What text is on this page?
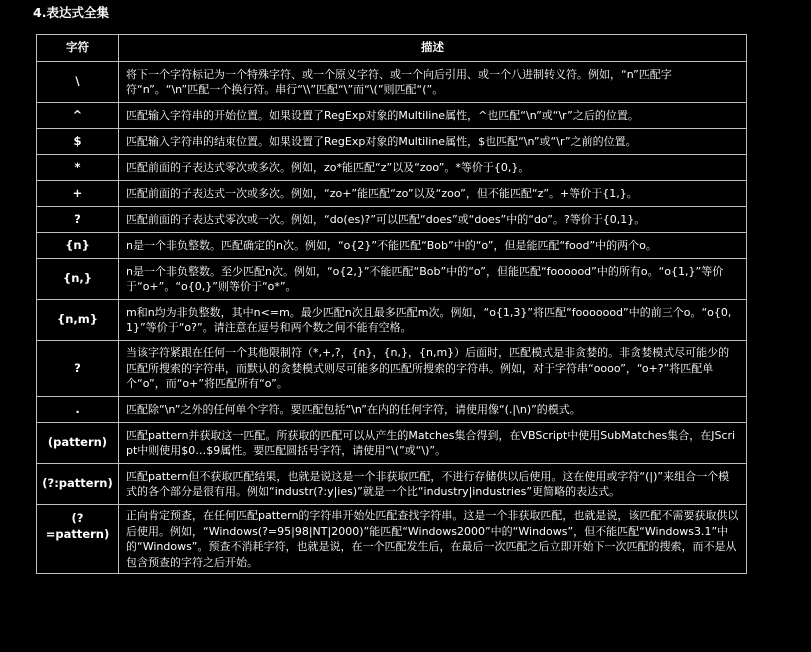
4.表达式全集
字符	描述
\	将下一个字符标记为一个特殊字符、或一个原义字符、或一个向后引用、或一个八进制转义符。例如，“n”匹配字符“n”。“\n”匹配一个换行符。串行“\\”匹配“\”而“\(”则匹配“(”。
^	匹配输入字符串的开始位置。如果设置了RegExp对象的Multiline属性，^也匹配“\n”或“\r”之后的位置。
$	匹配输入字符串的结束位置。如果设置了RegExp对象的Multiline属性，$也匹配“\n”或“\r”之前的位置。
*	匹配前面的子表达式零次或多次。例如，zo*能匹配“z”以及“zoo”。*等价于{0,}。
+	匹配前面的子表达式一次或多次。例如，“zo+”能匹配“zo”以及“zoo”，但不能匹配“z”。+等价于{1,}。
?	匹配前面的子表达式零次或一次。例如，“do(es)?”可以匹配“does”或“does”中的“do”。?等价于{0,1}。
{n}	n是一个非负整数。匹配确定的n次。例如，“o{2}”不能匹配“Bob”中的“o”，但是能匹配“food”中的两个o。
{n,}	n是一个非负整数。至少匹配n次。例如，“o{2,}”不能匹配“Bob”中的“o”，但能匹配“foooood”中的所有o。“o{1,}”等价于“o+”。“o{0,}”则等价于“o*”。
{n,m}	m和n均为非负整数，其中n<=m。最少匹配n次且最多匹配m次。例如，“o{1,3}”将匹配“fooooood”中的前三个o。“o{0,1}”等价于“o?”。请注意在逗号和两个数之间不能有空格。
?	当该字符紧跟在任何一个其他限制符（*,+,?，{n}，{n,}，{n,m}）后面时，匹配模式是非贪婪的。非贪婪模式尽可能少的匹配所搜索的字符串，而默认的贪婪模式则尽可能多的匹配所搜索的字符串。例如，对于字符串“oooo”，“o+?”将匹配单个“o”，而“o+”将匹配所有“o”。
.	匹配除“\n”之外的任何单个字符。要匹配包括“\n”在内的任何字符，请使用像“(.|\n)”的模式。
(pattern)	匹配pattern并获取这一匹配。所获取的匹配可以从产生的Matches集合得到，在VBScript中使用SubMatches集合，在JScript中则使用$0…$9属性。要匹配圆括号字符，请使用“\(”或“\)”。
(?:pattern)	匹配pattern但不获取匹配结果，也就是说这是一个非获取匹配，不进行存储供以后使用。这在使用或字符“(|)”来组合一个模式的各个部分是很有用。例如“industr(?:y|ies)”就是一个比“industry|industries”更简略的表达式。
(?=pattern)	正向肯定预查，在任何匹配pattern的字符串开始处匹配查找字符串。这是一个非获取匹配，也就是说，该匹配不需要获取供以后使用。例如，“Windows(?=95|98|NT|2000)”能匹配“Windows2000”中的“Windows”，但不能匹配“Windows3.1”中的“Windows”。预查不消耗字符，也就是说，在一个匹配发生后，在最后一次匹配之后立即开始下一次匹配的搜索，而不是从包含预查的字符之后开始。
